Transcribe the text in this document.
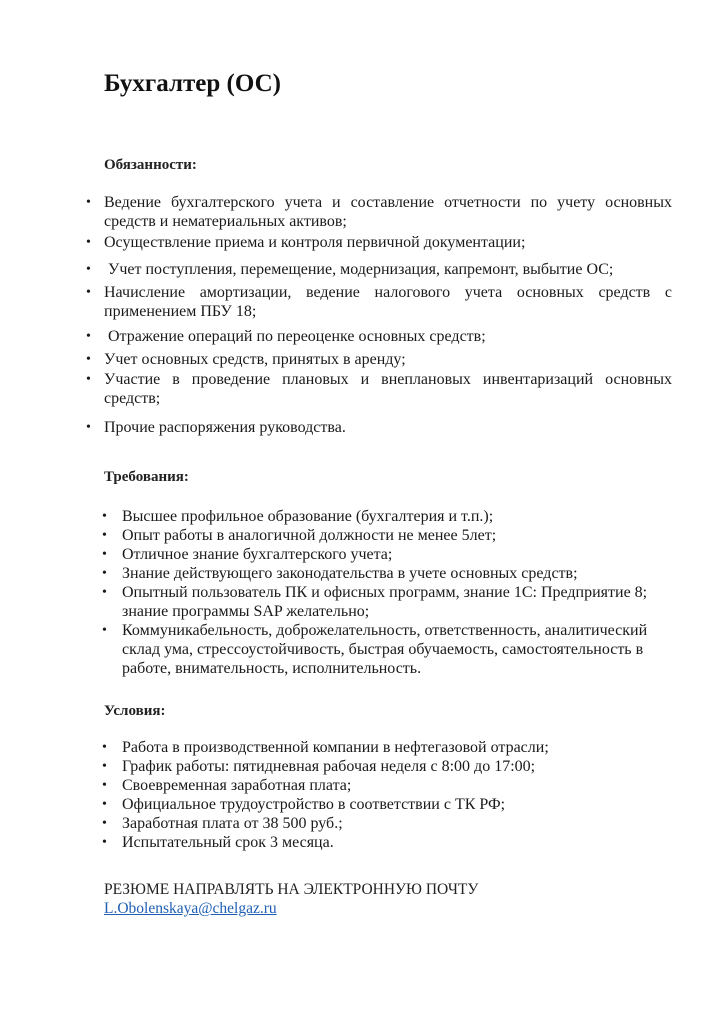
Бухгалтер (ОС)
Обязанности:
• Ведение бухгалтерского учета и составление отчетности по учету основных средств и нематериальных активов;
• Осуществление приема и контроля первичной документации;
• Учет поступления, перемещение, модернизация, капремонт, выбытие ОС;
• Начисление амортизации, ведение налогового учета основных средств с применением ПБУ 18;
• Отражение операций по переоценке основных средств;
• Учет основных средств, принятых в аренду;
• Участие в проведение плановых и внеплановых инвентаризаций основных средств;
• Прочие распоряжения руководства.
Требования:
• Высшее профильное образование (бухгалтерия и т.п.);
• Опыт работы в аналогичной должности не менее 5лет;
• Отличное знание бухгалтерского учета;
• Знание действующего законодательства в учете основных средств;
• Опытный пользователь ПК и офисных программ, знание 1С: Предприятие 8; знание программы SAP желательно;
• Коммуникабельность, доброжелательность, ответственность, аналитический склад ума, стрессоустойчивость, быстрая обучаемость, самостоятельность в работе, внимательность, исполнительность.
Условия:
• Работа в производственной компании в нефтегазовой отрасли;
• График работы: пятидневная рабочая неделя с 8:00 до 17:00;
• Своевременная заработная плата;
• Официальное трудоустройство в соответствии с ТК РФ;
• Заработная плата от 38 500 руб.;
• Испытательный срок 3 месяца.
РЕЗЮМЕ НАПРАВЛЯТЬ НА ЭЛЕКТРОННУЮ ПОЧТУ
L.Obolenskaya@chelgaz.ru
